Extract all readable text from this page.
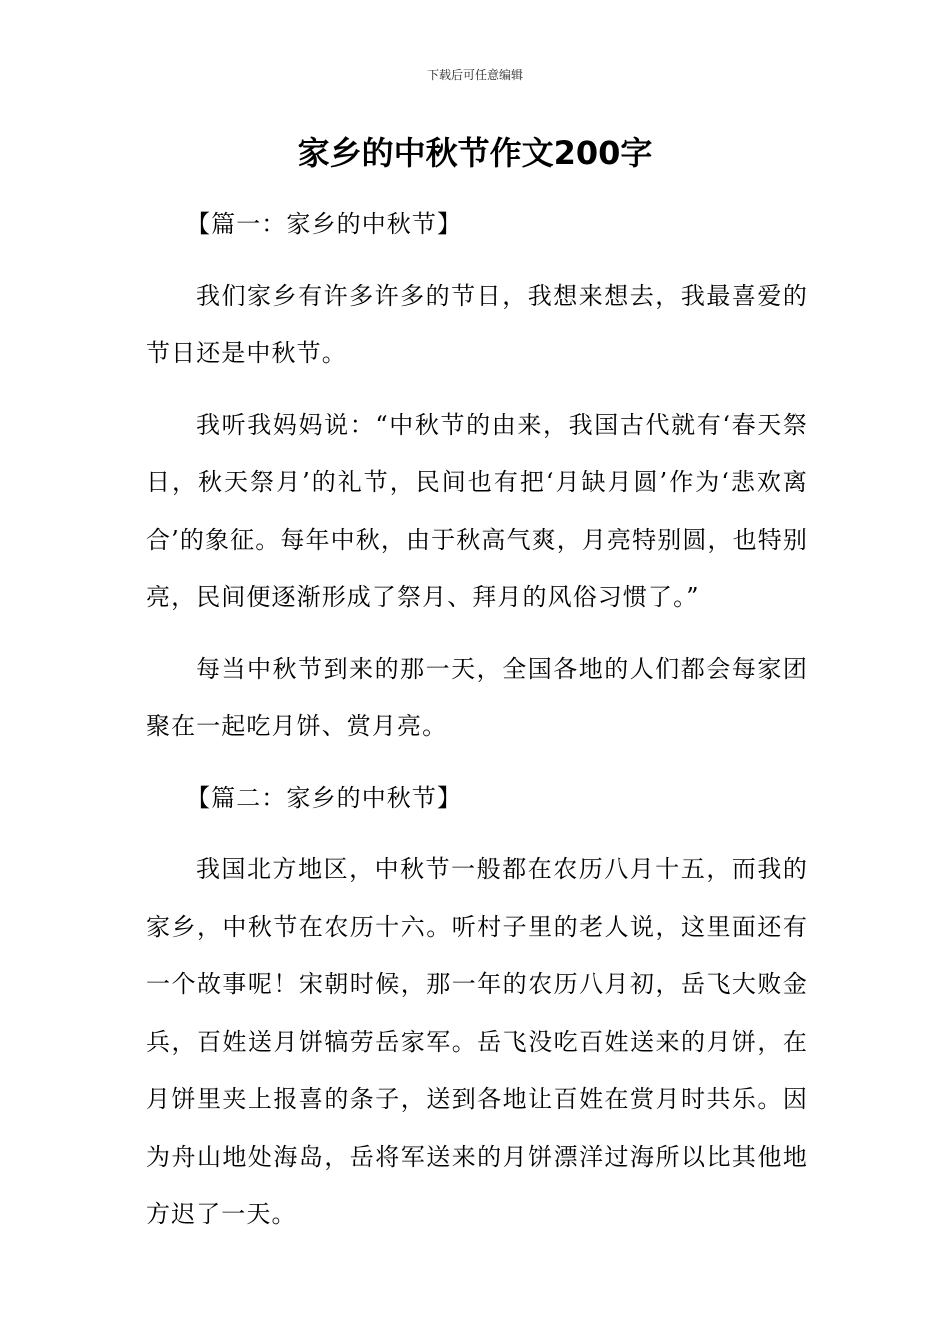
下载后可任意编辑
家乡的中秋节作文200字

【篇一：家乡的中秋节】

我们家乡有许多许多的节日，我想来想去，我最喜爱的节日还是中秋节。

我听我妈妈说：“中秋节的由来，我国古代就有‘春天祭日，秋天祭月’的礼节，民间也有把‘月缺月圆’作为‘悲欢离合’的象征。每年中秋，由于秋高气爽，月亮特别圆，也特别亮，民间便逐渐形成了祭月、拜月的风俗习惯了。”

每当中秋节到来的那一天，全国各地的人们都会每家团聚在一起吃月饼、赏月亮。

【篇二：家乡的中秋节】

我国北方地区，中秋节一般都在农历八月十五，而我的家乡，中秋节在农历十六。听村子里的老人说，这里面还有一个故事呢！宋朝时候，那一年的农历八月初，岳飞大败金兵，百姓送月饼犒劳岳家军。岳飞没吃百姓送来的月饼，在月饼里夹上报喜的条子，送到各地让百姓在赏月时共乐。因为舟山地处海岛，岳将军送来的月饼漂洋过海所以比其他地方迟了一天。
